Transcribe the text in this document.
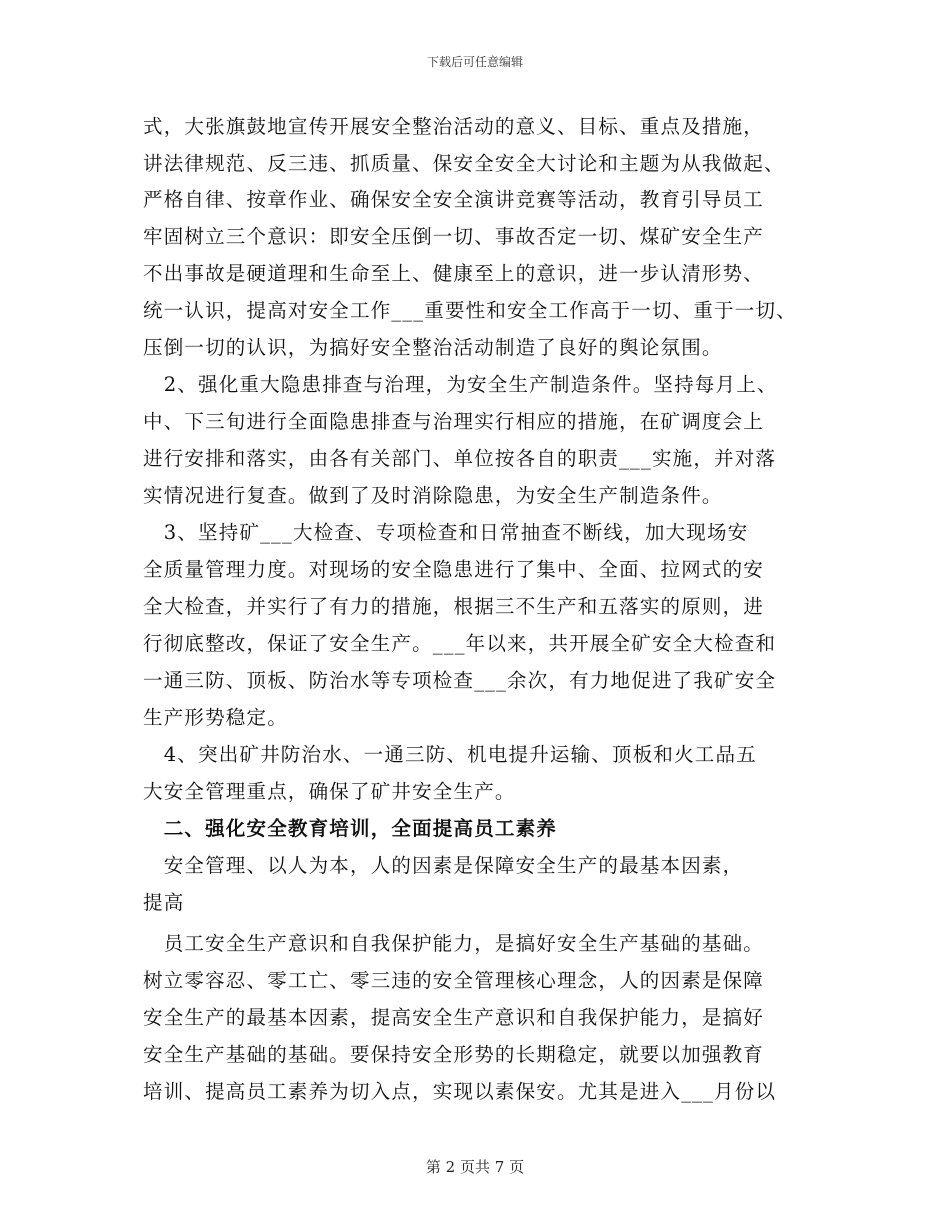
下载后可任意编辑
式，大张旗鼓地宣传开展安全整治活动的意义、目标、重点及措施，
讲法律规范、反三违、抓质量、保安全安全大讨论和主题为从我做起、
严格自律、按章作业、确保安全安全演讲竞赛等活动，教育引导员工
牢固树立三个意识：即安全压倒一切、事故否定一切、煤矿安全生产
不出事故是硬道理和生命至上、健康至上的意识，进一步认清形势、
统一认识，提高对安全工作___重要性和安全工作高于一切、重于一切、
压倒一切的认识，为搞好安全整治活动制造了良好的舆论氛围。
　2、强化重大隐患排查与治理，为安全生产制造条件。坚持每月上、
中、下三旬进行全面隐患排查与治理实行相应的措施，在矿调度会上
进行安排和落实，由各有关部门、单位按各自的职责___实施，并对落
实情况进行复查。做到了及时消除隐患，为安全生产制造条件。
　3、坚持矿___大检查、专项检查和日常抽查不断线，加大现场安
全质量管理力度。对现场的安全隐患进行了集中、全面、拉网式的安
全大检查，并实行了有力的措施，根据三不生产和五落实的原则，进
行彻底整改，保证了安全生产。___年以来，共开展全矿安全大检查和
一通三防、顶板、防治水等专项检查___余次，有力地促进了我矿安全
生产形势稳定。
　4、突出矿井防治水、一通三防、机电提升运输、顶板和火工品五
大安全管理重点，确保了矿井安全生产。
　二、强化安全教育培训，全面提高员工素养
　安全管理、以人为本，人的因素是保障安全生产的最基本因素，
提高
　员工安全生产意识和自我保护能力，是搞好安全生产基础的基础。
树立零容忍、零工亡、零三违的安全管理核心理念，人的因素是保障
安全生产的最基本因素，提高安全生产意识和自我保护能力，是搞好
安全生产基础的基础。要保持安全形势的长期稳定，就要以加强教育
培训、提高员工素养为切入点，实现以素保安。尤其是进入___月份以
第 2 页共 7 页
